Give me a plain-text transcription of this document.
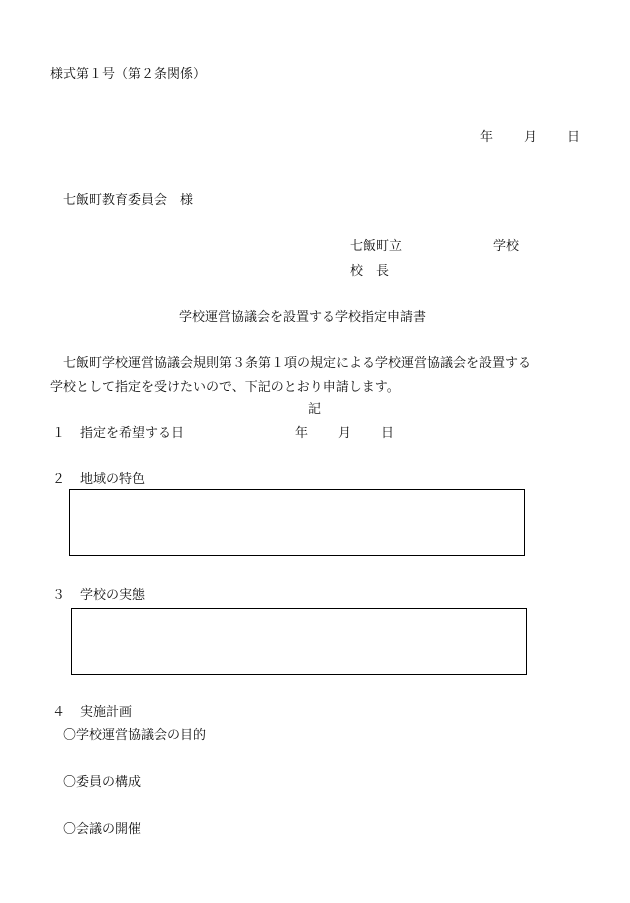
様式第１号（第２条関係）
年 月 日
七飯町教育委員会　様
七飯町立	学校
校　長
学校運営協議会を設置する学校指定申請書
七飯町学校運営協議会規則第３条第１項の規定による学校運営協議会を設置する
学校として指定を受けたいので、下記のとおり申請します。
記
１ 指定を希望する日	年 月 日
２ 地域の特色
３ 学校の実態
４ 実施計画
〇学校運営協議会の目的
〇委員の構成
〇会議の開催
